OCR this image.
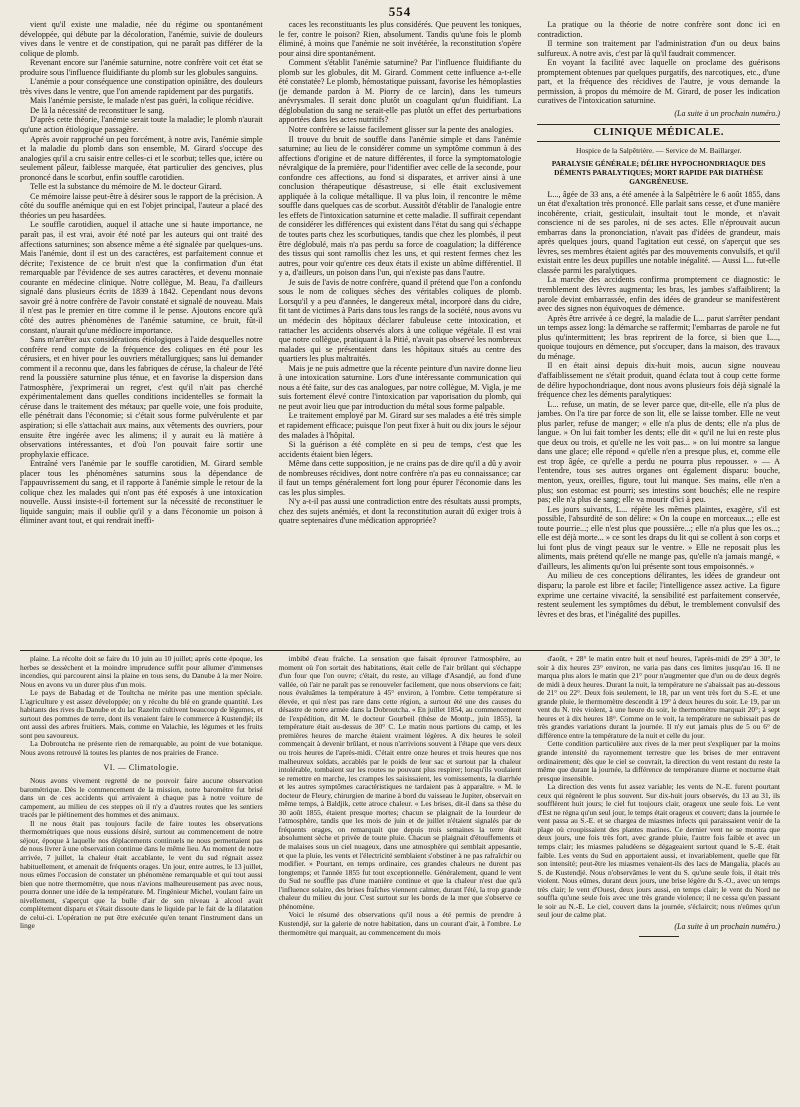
554

vient qu'il existe une maladie, née du régime ou spontanément développée, qui débute par la décoloration, l'anémie, suivie de douleurs vives dans le ventre et de constipation, qui ne paraît pas différer de la colique de plomb.

Revenant encore sur l'anémie saturnine, notre confrère voit cet état se produire sous l'influence fluidifiante du plomb sur les globules sanguins.

L'anémie a pour conséquence une constipation opiniâtre, des douleurs très vives dans le ventre, que l'on amende rapidement par des purgatifs.

Mais l'anémie persiste, le malade n'est pas guéri, la colique récidive.

De là la nécessité de reconstituer le sang.

D'après cette théorie, l'anémie serait toute la maladie; le plomb n'aurait qu'une action étiologique passagère.

Après avoir rapproché un peu forcément, à notre avis, l'anémie simple et la maladie du plomb dans son ensemble, M. Girard s'occupe des analogies qu'il a cru saisir entre celles-ci et le scorbut; telles que, ictère ou seulement pâleur, faiblesse marquée, état particulier des gencives, plus prononcé dans le scorbut, enfin souffle carotidien.

Telle est la substance du mémoire de M. le docteur Girard.

Ce mémoire laisse peut-être à désirer sous le rapport de la précision. A côté du souffle anémique qui en est l'objet principal, l'auteur a placé des théories un peu hasardées.

Le souffle carotidien, auquel il attache une si haute importance, ne paraît pas, il est vrai, avoir été noté par les auteurs qui ont traité des affections saturnines; son absence même a été signalée par quelques-uns. Mais l'anémie, dont il est un des caractères, est parfaitement connue et décrite; l'existence de ce bruit n'est que la confirmation d'un état remarquable par l'évidence de ses autres caractères, et devenu monnaie courante en médecine clinique. Notre collègue, M. Beau, l'a d'ailleurs signalé dans plusieurs écrits de 1839 à 1842. Cependant nous devons savoir gré à notre confrère de l'avoir constaté et signalé de nouveau. Mais il n'est pas le premier en titre comme il le pense. Ajoutons encore qu'à côté des autres phénomènes de l'anémie saturnine, ce bruit, fût-il constant, n'aurait qu'une médiocre importance.

Sans m'arrêter aux considérations étiologiques à l'aide desquelles notre confrère rend compte de la fréquence des coliques en été pour les cérusiers, et en hiver pour les ouvriers métallurgiques; sans lui demander comment il a reconnu que, dans les fabriques de céruse, la chaleur de l'été rend la poussière saturnine plus ténue, et en favorise la dispersion dans l'atmosphère, j'exprimerai un regret, c'est qu'il n'ait pas cherché expérimentalement dans quelles conditions incidentelles se formait la céruse dans le traitement des métaux; par quelle voie, une fois produite, elle pénétrait dans l'économie; si c'était sous forme pulvérulente et par aspiration; si elle s'attachait aux mains, aux vêtements des ouvriers, pour ensuite être ingérée avec les alimens; il y aurait eu là matière à observations intéressantes, et d'où l'on pouvait faire sortir une prophylaxie efficace.

Entraîné vers l'anémie par le souffle carotidien, M. Girard semble placer tous les phénomènes saturnins sous la dépendance de l'appauvrissement du sang, et il rapporte à l'anémie simple le retour de la colique chez les malades qui n'ont pas été exposés à une intoxication nouvelle. Aussi insiste-t-il fortement sur la nécessité de reconstituer le liquide sanguin; mais il oublie qu'il y a dans l'économie un poison à éliminer avant tout, et qui rendrait ineffi-

caces les reconstituants les plus considérés. Que peuvent les toniques, le fer, contre le poison? Rien, absolument. Tandis qu'une fois le plomb éliminé, à moins que l'anémie ne soit invétérée, la reconstitution s'opère pour ainsi dire spontanément.

Comment s'établit l'anémie saturnine? Par l'influence fluidifiante du plomb sur les globules, dit M. Girard. Comment cette influence a-t-elle été constatée? Le plomb, hémostatique puissant, favorise les hémoplasties (je demande pardon à M. Piorry de ce larcin), dans les tumeurs anévrysmales. Il serait donc plutôt un coagulant qu'un fluidifiant. La déglobulation du sang ne serait-elle pas plutôt un effet des perturbations apportées dans les actes nutritifs?

Notre confrère se laisse facilement glisser sur la pente des analogies.

Il trouve du bruit de souffle dans l'anémie simple et dans l'anémie saturnine; au lieu de le considérer comme un symptôme commun à des affections d'origine et de nature différentes, il force la symptomatologie névralgique de la première, pour l'identifier avec celle de la seconde, pour confondre ces affections, au fond si disparates, et arriver ainsi à une conclusion thérapeutique désastreuse, si elle était exclusivement appliquée à la colique métallique. Il va plus loin, il rencontre le même souffle dans quelques cas de scorbut. Aussitôt d'établir de l'analogie entre les effets de l'intoxication saturnine et cette maladie. Il suffirait cependant de considérer les différences qui existent dans l'état du sang qui s'échappe de toutes parts chez les scorbutiques, tandis que chez les plombés, il peut être déglobulé, mais n'a pas perdu sa force de coagulation; la différence des tissus qui sont ramollis chez les uns, et qui restent fermes chez les autres, pour voir qu'entre ces deux états il existe un abîme différentiel. Il y a, d'ailleurs, un poison dans l'un, qui n'existe pas dans l'autre.

Je suis de l'avis de notre confrère, quand il prétend que l'on a confondu sous le nom de coliques sèches des véritables coliques de plomb. Lorsqu'il y a peu d'années, le dangereux métal, incorporé dans du cidre, fit tant de victimes à Paris dans tous les rangs de la société, nous avons vu un médecin des hôpitaux déclarer fabuleuse cette intoxication, et rattacher les accidents observés alors à une colique végétale. Il est vrai que notre collègue, pratiquant à la Pitié, n'avait pas observé les nombreux malades qui se présentaient dans les hôpitaux situés au centre des quartiers les plus maltraités.

Mais je ne puis admettre que la récente peinture d'un navire donne lieu à une intoxication saturnine. Lors d'une intéressante communication qui nous a été faite, sur des cas analogues, par notre collègue, M. Vigla, je me suis fortement élevé contre l'intoxication par vaporisation du plomb, qui ne peut avoir lieu que par introduction du métal sous forme palpable.

Le traitement employé par M. Girard sur ses malades a été très simple et rapidement efficace; puisque l'on peut fixer à huit ou dix jours le séjour des malades à l'hôpital.

Si la guérison a été complète en si peu de temps, c'est que les accidents étaient bien légers.

Même dans cette supposition, je ne crains pas de dire qu'il a dû y avoir de nombreuses récidives, dont notre confrère n'a pas eu connaissance; car il faut un temps généralement fort long pour épurer l'économie dans les cas les plus simples.

N'y a-t-il pas aussi une contradiction entre des résultats aussi prompts, chez des sujets anémiés, et dont la reconstitution aurait dû exiger trois à quatre septenaires d'une médication appropriée?

La pratique ou la théorie de notre confrère sont donc ici en contradiction.

Il termine son traitement par l'administration d'un ou deux bains sulfureux. A notre avis, c'est par là qu'il faudrait commencer.

En voyant la facilité avec laquelle on proclame des guérisons promptement obtenues par quelques purgatifs, des narcotiques, etc., d'une part, et la fréquence des récidives de l'autre, je vous demande la permission, à propos du mémoire de M. Girard, de poser les indication curatives de l'intoxication saturnine.

(La suite à un prochain numéro.)
CLINIQUE MÉDICALE.
Hospice de la Salpêtrière. — Service de M. Baillarger.
PARALYSIE GÉNÉRALE; DÉLIRE HYPOCHONDRIAQUE DES DÉMENTS PARALYTIQUES; MORT RAPIDE PAR DIATHÈSE GANGRÉNEUSE.

L..., âgée de 33 ans, a été amenée à la Salpêtrière le 6 août 1855, dans un état d'exaltation très prononcé. Elle parlait sans cesse, et d'une manière incohérente, criait, gesticulait, insultait tout le monde, et n'avait conscience ni de ses paroles, ni de ses actes. Elle n'éprouvait aucun embarras dans la prononciation, n'avait pas d'idées de grandeur, mais après quelques jours, quand l'agitation eut cessé, on s'aperçut que ses lèvres, ses membres étaient agités par des mouvements convulsifs, et qu'il existait entre les deux pupilles une notable inégalité. — Aussi L... fut-elle classée parmi les paralytiques.

La marche des accidents confirma promptement ce diagnostic: le tremblement des lèvres augmenta; les bras, les jambes s'affaiblirent; la parole devint embarrassée, enfin des idées de grandeur se manifestèrent avec des signes non équivoques de démence.

Après être arrivée à ce degré, la maladie de L... parut s'arrêter pendant un temps assez long: la démarche se raffermit; l'embarras de parole ne fut plus qu'intermittent; les bras reprirent de la force, si bien que L..., quoique toujours en démence, put s'occuper, dans la maison, des travaux du ménage.

Il en était ainsi depuis dix-huit mois, aucun signe nouveau d'affaiblissement ne s'était produit, quand éclata tout à coup cette forme de délire hypochondriaque, dont nous avons plusieurs fois déjà signalé la fréquence chez les déments paralytiques:

L... refuse, un matin, de se lever parce que, dit-elle, elle n'a plus de jambes. On l'a tire par force de son lit, elle se laisse tomber. Elle ne veut plus parler, refuse de manger; « elle n'a plus de dents; elle n'a plus de langue. » On lui fait tomber les dents; elle dit « qu'il ne lui en reste plus que deux ou trois, et qu'elle ne les voit pas... » on lui montre sa langue dans une glace; elle répond « qu'elle n'en a presque plus, et, comme elle est trop âgée, ce qu'elle a perdu ne pourra plus repousser. » — A l'entendre, tous ses autres organes ont également disparu: bouche, menton, yeux, oreilles, figure, tout lui manque. Ses mains, elle n'en a plus; son estomac est pourri; ses intestins sont bouchés; elle ne respire pas; elle n'a plus de sang; elle va mourir d'ici à peu.

Les jours suivants, L... répète les mêmes plaintes, exagère, s'il est possible, l'absurdité de son délire: « On la coupe en morceaux...; elle est toute pourrie...; elle n'est plus que poussière...; elle n'a plus que les os...; elle est déjà morte... » ce sont les draps du lit qui se collent à son corps et lui font plus de vingt peaux sur le ventre. » Elle ne reposait plus les aliments, mais prétend qu'elle ne mange pas, qu'elle n'a jamais mangé, « d'ailleurs, les aliments qu'on lui présente sont tous empoisonnés. »

Au milieu de ces conceptions délirantes, les idées de grandeur ont disparu; la parole est libre et facile; l'intelligence assez active. La figure exprime une certaine vivacité, la sensibilité est parfaitement conservée, restent seulement les symptômes du début, le tremblement convulsif des lèvres et des bras, et l'inégalité des pupilles.

plaine. La récolte doit se faire du 10 juin au 10 juillet; après cette époque, les herbes se dessèchent et la moindre imprudence suffit pour allumer d'immenses incendies, qui parcourent ainsi la plaine en tous sens, du Danube à la mer Noire. Nous en avons vu un durer plus d'un mois.

Le pays de Babadag et de Toultcha ne mérite pas une mention spéciale. L'agriculture y est assez développée; on y récolte du blé en grande quantité. Les habitants des rives du Danube et du lac Razelm cultivent beaucoup de légumes, et surtout des pommes de terre, dont ils venaient faire le commerce à Kustendjé; ils ont aussi des arbres fruitiers. Mais, comme en Valachie, les légumes et les fruits sont peu savoureux.

La Dobroutcha ne présente rien de remarquable, au point de vue botanique. Nous avons retrouvé là toutes les plantes de nos prairies de France.

VI. — Climatologie.

Nous avons vivement regretté de ne pouvoir faire aucune observation barométrique. Dès le commencement de la mission, notre baromètre fut brisé dans un de ces accidents qui arrivaient à chaque pas à notre voiture de campement, au milieu de ces steppes où il n'y a d'autres routes que les sentiers tracés par le piétinement des hommes et des animaux.

Il ne nous était pas toujours facile de faire toutes les observations thermométriques que nous eussions désiré, surtout au commencement de notre séjour, époque à laquelle nos déplacements continuels ne nous permettaient pas de nous livrer à une observation continue dans le même lieu. Au moment de notre arrivée, 7 juillet, la chaleur était accablante, le vent du sud régnait assez habituellement, et amenait de fréquents orages. Un jour, entre autres, le 13 juillet, nous eûmes l'occasion de constater un phénomène remarquable et qui tout aussi bien que notre thermomètre, que nous n'avions malheureusement pas avec nous, pourra donner une idée de la température. M. l'ingénieur Michel, voulant faire un nivellement, s'aperçut que la bulle d'air de son niveau à alcool avait complètement disparu et s'était dissoute dans le liquide par le fait de la dilatation de celui-ci. L'opération ne put être exécutée qu'en tenant l'instrument dans un linge

imbibé d'eau fraîche. La sensation que faisait éprouver l'atmosphère, au moment où l'on sortait des habitations, était celle de l'air brûlant qui s'échappe d'un four que l'on ouvre; c'était, du reste, au village d'Asandjé, au fond d'une vallée, où l'air ne paraît pas se renouveler facilement, que nous observions ce fait; nous évaluâmes la température à 45° environ, à l'ombre. Cette température si élevée, et qui n'est pas rare dans cette région, a surtout été une des causes du désastre de notre armée dans la Dobroutcha. « En juillet 1854, au commencement de l'expédition, dit M. le docteur Gourbeil (thèse de Montp., juin 1855), la température était au-dessus de 30° C. Le matin nous partions du camp, et les premières heures de marche étaient vraiment légères. A dix heures le soleil commençait à devenir brûlant, et nous n'arrivions souvent à l'étape que vers deux ou trois heures de l'après-midi. C'était entre onze heures et trois heures que nos malheureux soldats, accablés par le poids de leur sac et surtout par la chaleur intolérable, tombaient sur les routes ne pouvant plus respirer; lorsqu'ils voulaient se remettre en marche, les crampes les saisissaient, les vomissements, la diarrhée et les autres symptômes caractéristiques ne tardaient pas à apparaître. » M. le docteur de Fleury, chirurgien de marine à bord du vaisseau le Jupiter, observait en même temps, à Baldjik, cette atroce chaleur. « Les brises, dit-il dans sa thèse du 30 août 1855, étaient presque mortes; chacun se plaignait de la lourdeur de l'atmosphère, tandis que les mois de juin et de juillet n'étaient signalés par de fréquents orages, on remarquait que depuis trois semaines la terre était absolument sèche et privée de toute pluie. Chacun se plaignait d'étouffements et de malaises sous un ciel nuageux, dans une atmosphère qui semblait appesantie, et que la pluie, les vents et l'électricité semblaient s'obstiner à ne pas rafraîchir ou modifier. » Pourtant, en temps ordinaire, ces grandes chaleurs ne durent pas longtemps; et l'année 1855 fut tout exceptionnelle. Généralement, quand le vent du Sud ne souffle pas d'une manière continue et que la chaleur n'est due qu'à l'influence solaire, des brises fraîches viennent calmer, durant l'été, la trop grande chaleur du milieu du jour. C'est surtout sur les bords de la mer que s'observe ce phénomène.

Voici le résumé des observations qu'il nous a été permis de prendre à Kustendjé, sur la galerie de notre habitation, dans un courant d'air, à l'ombre. Le thermomètre qui marquait, au commencement du mois

d'août, + 28° le matin entre huit et neuf heures, l'après-midi de 29° à 30°, le soir à dix heures 23° environ, ne varia pas dans ces limites jusqu'au 16. Il ne marqua plus alors le matin que 21° pour n'augmenter que d'un ou de deux degrés de midi à deux heures. Durant la nuit, la température ne s'abaissait pas au-dessous de 21° ou 22°. Deux fois seulement, le 18, par un vent très fort du S.-E. et une grande pluie, le thermomètre descendit à 19° à deux heures du soir. Le 19, par un vent du N. très violent, à une heure du soir, le thermomètre marquait 20°; à sept heures et à dix heures 18°. Comme on le voit, la température ne subissait pas de très grandes variations durant la journée. Il n'y eut jamais plus de 5 ou 6° de différence entre la température de la nuit et celle du jour.

Cette condition particulière aux rives de la mer peut s'expliquer par la moins grande intensité du rayonnement terrestre que les brises de mer entravent ordinairement; dès que le ciel se couvrait, la direction du vent restant du reste la même que durant la journée, la différence de température diurne et nocturne était presque insensible.

La direction des vents fut assez variable; les vents de N.-E. furent pourtant ceux qui régnèrent le plus souvent. Sur dix-huit jours observés, du 13 au 31, ils soufflèrent huit jours; le ciel fut toujours clair, orageux une seule fois. Le vent d'Est ne régna qu'un seul jour, le temps était orageux et couvert; dans la journée le vent passa au S.-E. et se chargea de miasmes infects qui paraissaient venir de la plage où croupissaient des plantes marines. Ce dernier vent ne se montra que deux jours, une fois très fort, avec grande pluie, l'autre fois faible et avec un temps clair; les miasmes paludéens se dégageaient surtout quand le S.-E. était faible. Les vents du Sud en apportaient aussi, et invariablement, quelle que fût son intensité; peut-être les miasmes venaient-ils des lacs de Mangalia, placés au S. de Kustendjé. Nous n'observâmes le vent du S. qu'une seule fois, il était très violent. Nous eûmes, durant deux jours, une brise légère du S.-O., avec un temps très clair; le vent d'Ouest, deux jours aussi, en temps clair; le vent du Nord ne souffla qu'une seule fois avec une très grande violence; il ne cessa qu'en passant le soir au N.-E. Le ciel, couvert dans la journée, s'éclaircit; nous n'eûmes qu'un seul jour de calme plat.

(La suite à un prochain numéro.)
